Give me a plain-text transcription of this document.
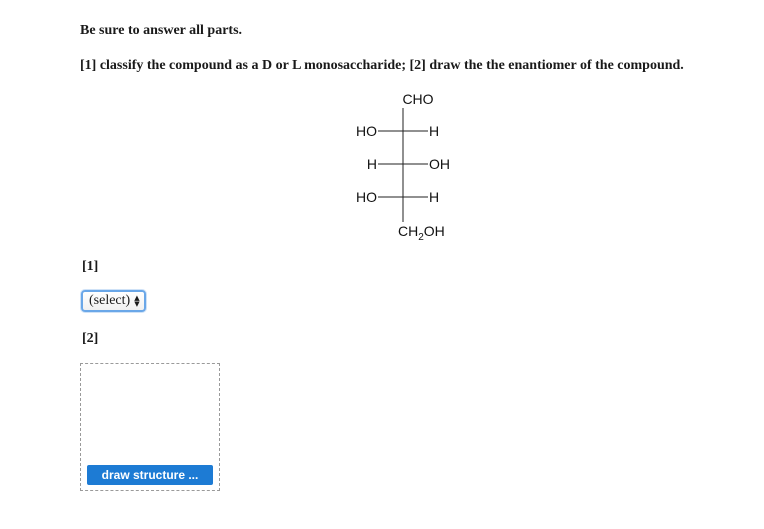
Be sure to answer all parts.
[1] classify the compound as a D or L monosaccharide; [2] draw the the enantiomer of the compound.
CHO
HO	H
H	OH
HO	H
$CH_2OH$
[1]
(select) ▲
▼
[2]
draw structure ...
